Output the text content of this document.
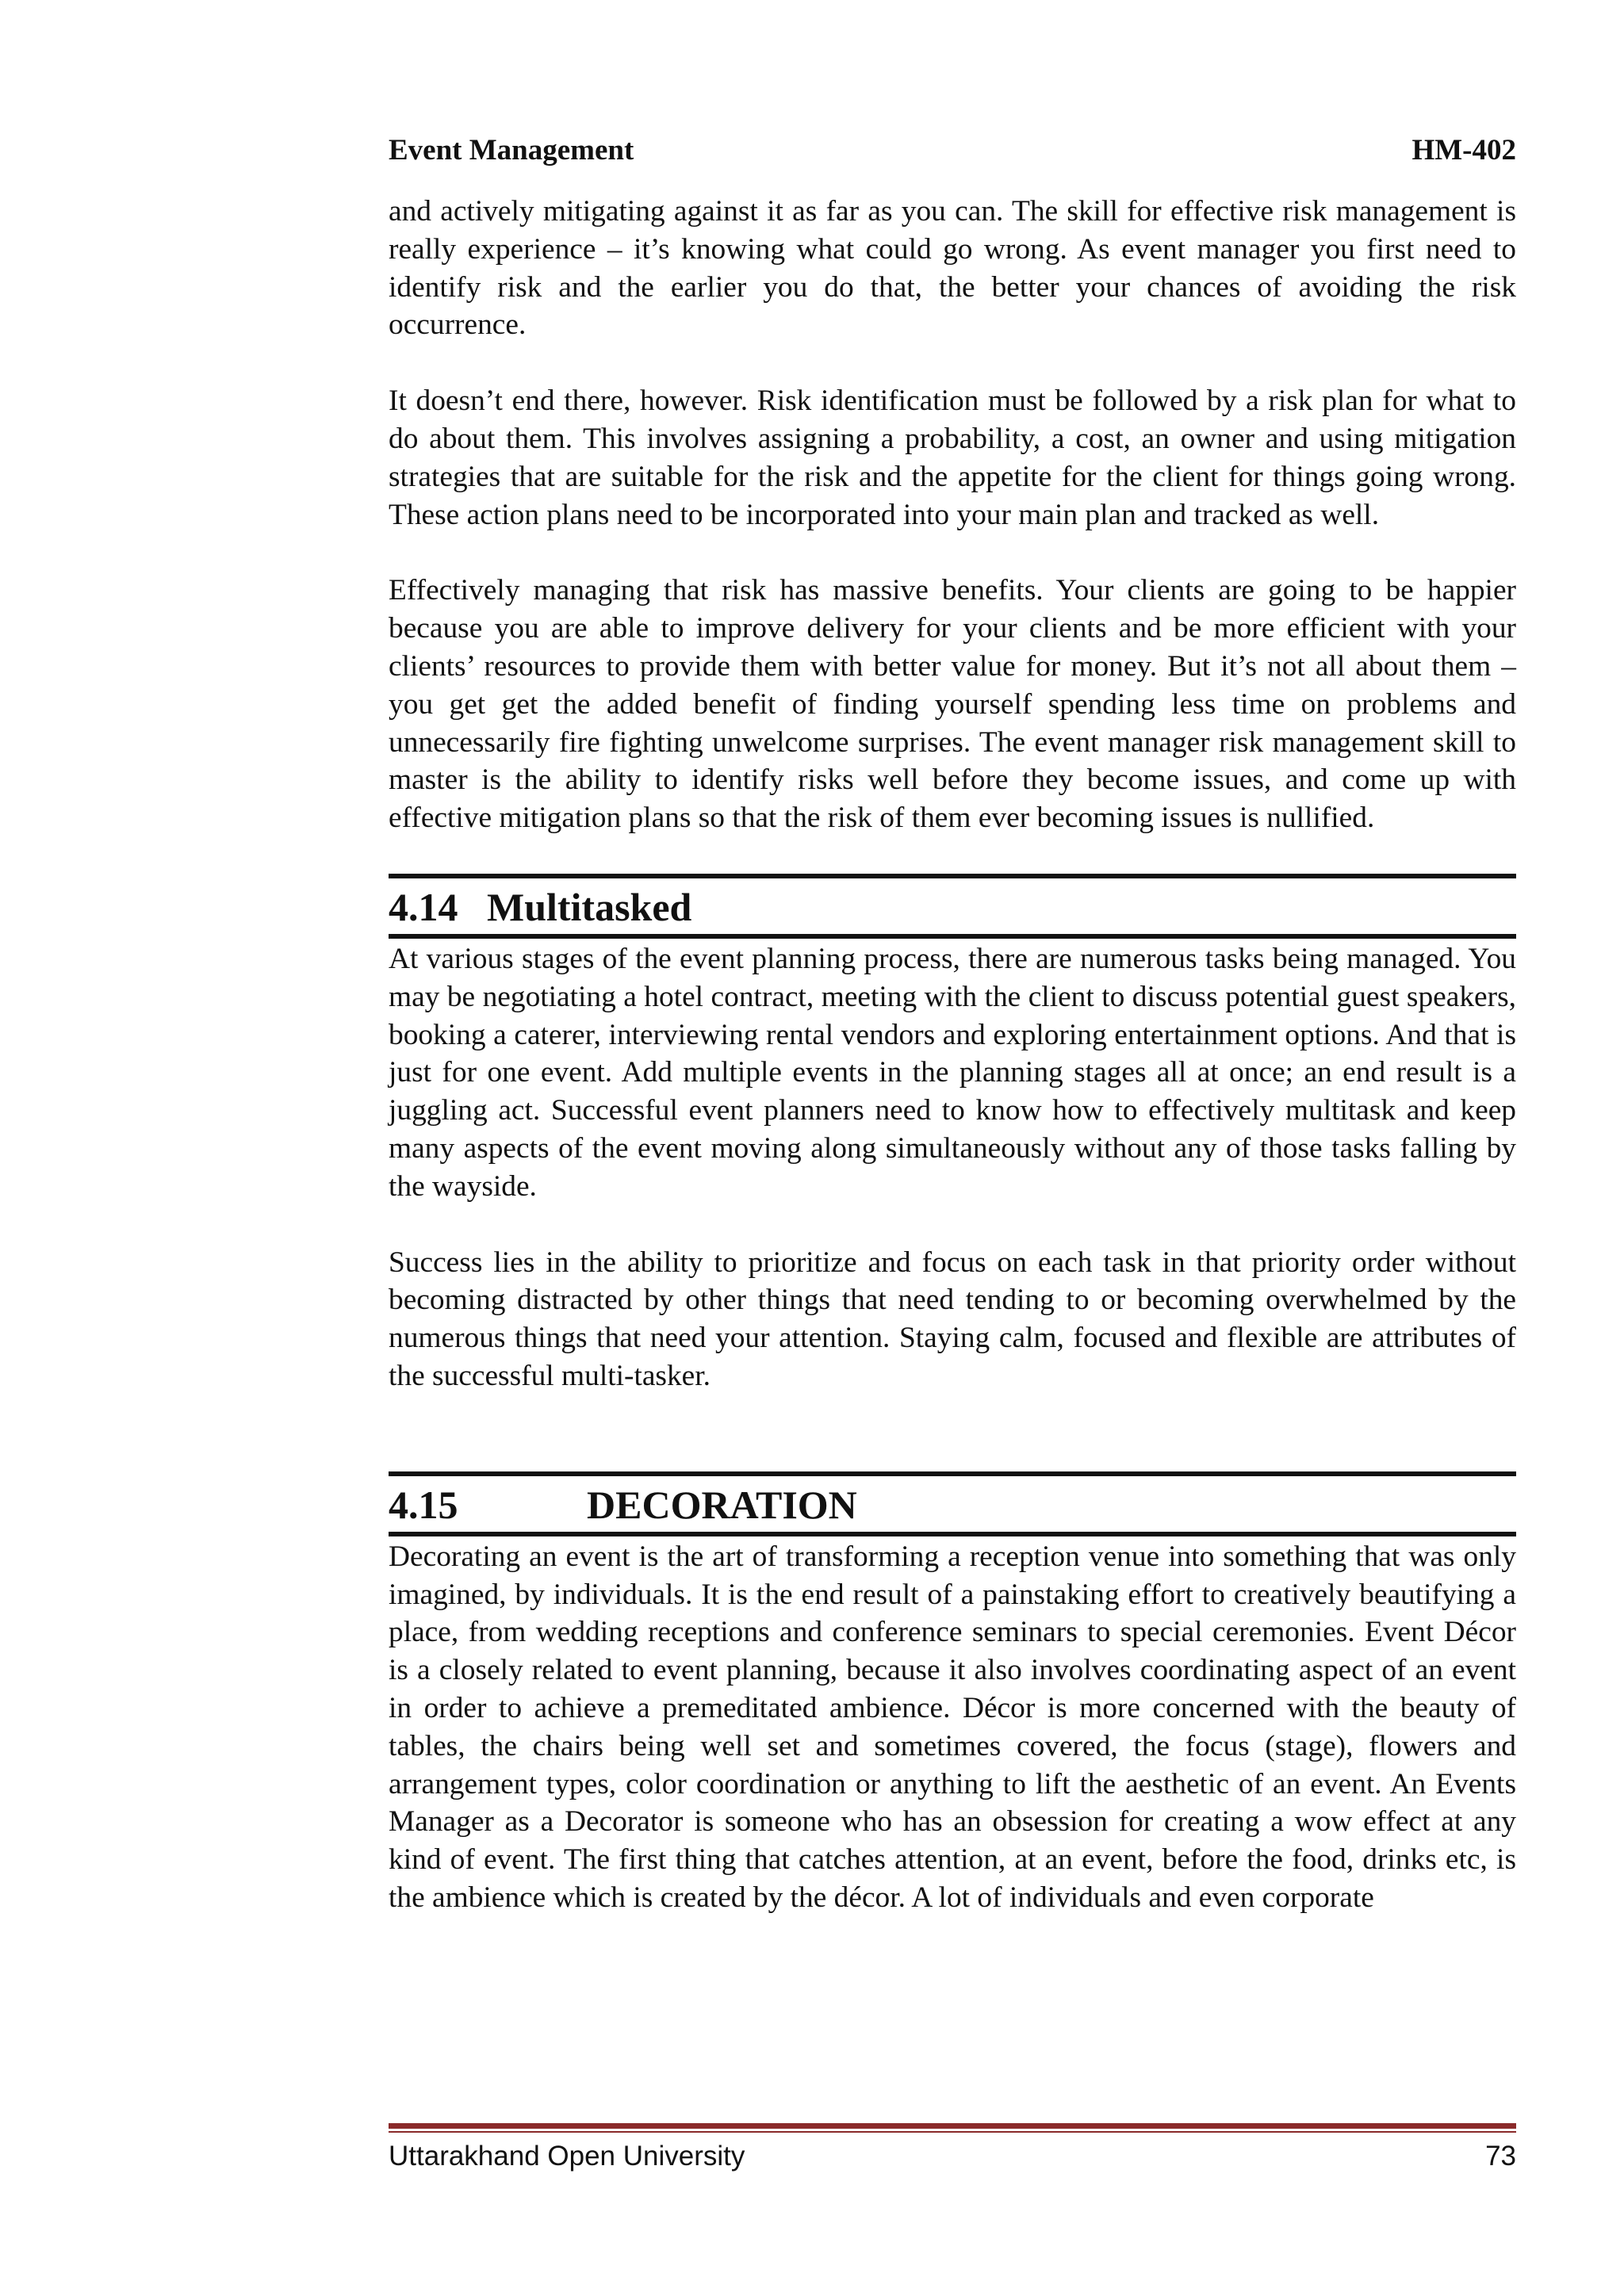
Event Management	HM-402

and actively mitigating against it as far as you can. The skill for effective risk management is really experience – it’s knowing what could go wrong. As event manager you first need to identify risk and the earlier you do that, the better your chances of avoiding the risk occurrence.

It doesn’t end there, however. Risk identification must be followed by a risk plan for what to do about them. This involves assigning a probability, a cost, an owner and using mitigation strategies that are suitable for the risk and the appetite for the client for things going wrong. These action plans need to be incorporated into your main plan and tracked as well.

Effectively managing that risk has massive benefits. Your clients are going to be happier because you are able to improve delivery for your clients and be more efficient with your clients’ resources to provide them with better value for money. But it’s not all about them – you get get the added benefit of finding yourself spending less time on problems and unnecessarily fire fighting unwelcome surprises. The event manager risk management skill to master is the ability to identify risks well before they become issues, and come up with effective mitigation plans so that the risk of them ever becoming issues is nullified.

4.14 Multitasked

At various stages of the event planning process, there are numerous tasks being managed. You may be negotiating a hotel contract, meeting with the client to discuss potential guest speakers, booking a caterer, interviewing rental vendors and exploring entertainment options. And that is just for one event. Add multiple events in the planning stages all at once; an end result is a juggling act. Successful event planners need to know how to effectively multitask and keep many aspects of the event moving along simultaneously without any of those tasks falling by the wayside.

Success lies in the ability to prioritize and focus on each task in that priority order without becoming distracted by other things that need tending to or becoming overwhelmed by the numerous things that need your attention. Staying calm, focused and flexible are attributes of the successful multi-tasker.

4.15	DECORATION

Decorating an event is the art of transforming a reception venue into something that was only imagined, by individuals. It is the end result of a painstaking effort to creatively beautifying a place, from wedding receptions and conference seminars to special ceremonies. Event Décor is a closely related to event planning, because it also involves coordinating aspect of an event in order to achieve a premeditated ambience. Décor is more concerned with the beauty of tables, the chairs being well set and sometimes covered, the focus (stage), flowers and arrangement types, color coordination or anything to lift the aesthetic of an event. An Events Manager as a Decorator is someone who has an obsession for creating a wow effect at any kind of event. The first thing that catches attention, at an event, before the food, drinks etc, is the ambience which is created by the décor. A lot of individuals and even corporate

Uttarakhand Open University	73
